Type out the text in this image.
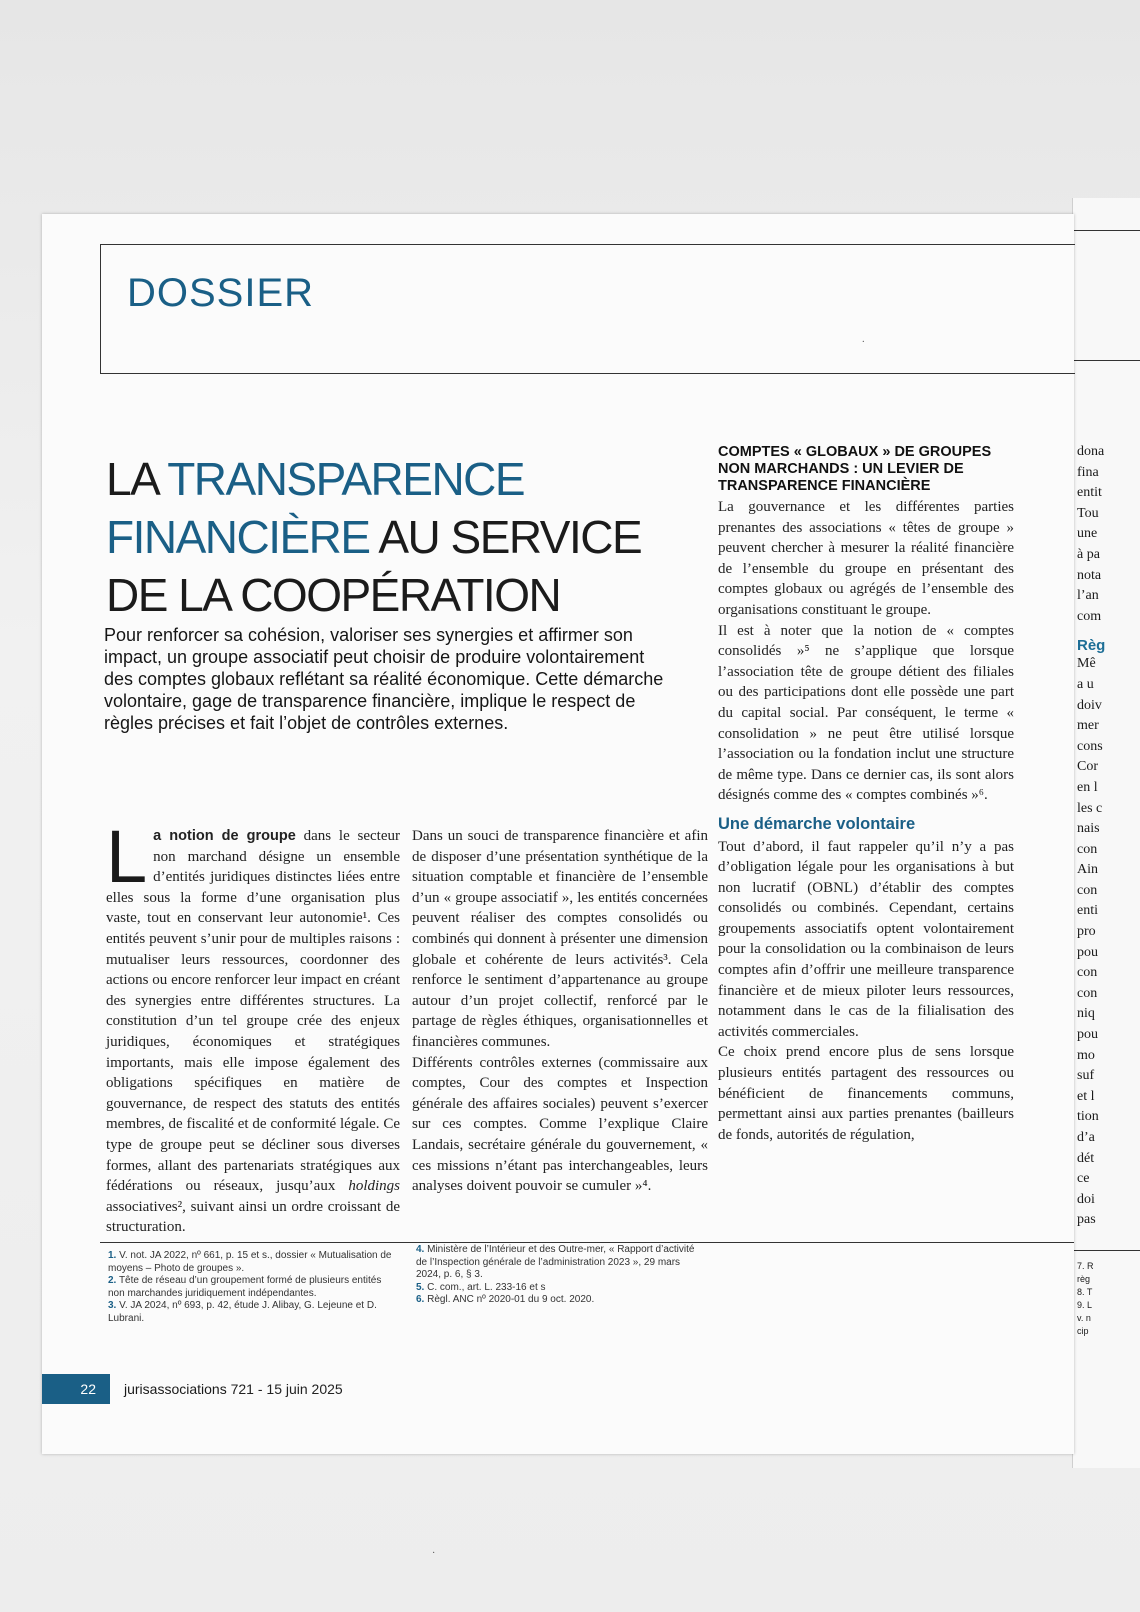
dona
fina
entit
Tou
une
à pa
nota
l’an
com
Règ
Mê
a u
doiv
mer
cons
Cor
en l
les c
nais
con
Ain
con
enti
pro
pou
con
con
niq
pou
mo
suf
et l
tion
d’a
dét
ce
doi
pas
7. R
règ
8. T
9. L
v. n
cip
DOSSIER
·
LA TRANSPARENCE
FINANCIÈRE AU SERVICE
DE LA COOPÉRATION
Pour renforcer sa cohésion, valoriser ses synergies et affirmer son impact, un groupe associatif peut choisir de produire volontairement des comptes globaux reflétant sa réalité économique. Cette démarche volontaire, gage de transparence financière, implique le respect de règles précises et fait l’objet de contrôles externes.

L a notion de groupe dans le secteur non marchand désigne un ensemble d’entités juridiques distinctes liées entre elles sous la forme d’une organisation plus vaste, tout en conservant leur autonomie¹. Ces entités peuvent s’unir pour de multiples raisons : mutualiser leurs ressources, coordonner des actions ou encore renforcer leur impact en créant des synergies entre différentes structures. La constitution d’un tel groupe crée des enjeux juridiques, économiques et stratégiques importants, mais elle impose également des obligations spécifiques en matière de gouvernance, de respect des statuts des entités membres, de fiscalité et de conformité légale. Ce type de groupe peut se décliner sous diverses formes, allant des partenariats stratégiques aux fédérations ou réseaux, jusqu’aux holdings associatives², suivant ainsi un ordre croissant de structuration.

Dans un souci de transparence financière et afin de disposer d’une présentation synthétique de la situation comptable et financière de l’ensemble d’un « groupe associatif », les entités concernées peuvent réaliser des comptes consolidés ou combinés qui donnent à présenter une dimension globale et cohérente de leurs activités³. Cela renforce le sentiment d’appartenance au groupe autour d’un projet collectif, renforcé par le partage de règles éthiques, organisationnelles et financières communes.

Différents contrôles externes (commissaire aux comptes, Cour des comptes et Inspection générale des affaires sociales) peuvent s’exercer sur ces comptes. Comme l’explique Claire Landais, secrétaire générale du gouvernement, « ces missions n’étant pas interchangeables, leurs analyses doivent pouvoir se cumuler »⁴.

COMPTES « GLOBAUX » DE GROUPES NON MARCHANDS : UN LEVIER DE TRANSPARENCE FINANCIÈRE

La gouvernance et les différentes parties prenantes des associations « têtes de groupe » peuvent chercher à mesurer la réalité financière de l’ensemble du groupe en présentant des comptes globaux ou agrégés de l’ensemble des organisations constituant le groupe.

Il est à noter que la notion de « comptes consolidés »⁵ ne s’applique que lorsque l’association tête de groupe détient des filiales ou des participations dont elle possède une part du capital social. Par conséquent, le terme « consolidation » ne peut être utilisé lorsque l’association ou la fondation inclut une structure de même type. Dans ce dernier cas, ils sont alors désignés comme des « comptes combinés »⁶.

Une démarche volontaire

Tout d’abord, il faut rappeler qu’il n’y a pas d’obligation légale pour les organisations à but non lucratif (OBNL) d’établir des comptes consolidés ou combinés. Cependant, certains groupements associatifs optent volontairement pour la consolidation ou la combinaison de leurs comptes afin d’offrir une meilleure transparence financière et de mieux piloter leurs ressources, notamment dans le cas de la filialisation des activités commerciales.

Ce choix prend encore plus de sens lorsque plusieurs entités partagent des ressources ou bénéficient de financements communs, permettant ainsi aux parties prenantes (bailleurs de fonds, autorités de régulation,

1. V. not. JA 2022, nº 661, p. 15 et s., dossier « Mutualisation de moyens – Photo de groupes ».

2. Tête de réseau d’un groupement formé de plusieurs entités non marchandes juridiquement indépendantes.

3. V. JA 2024, nº 693, p. 42, étude J. Alibay, G. Lejeune et D. Lubrani.

4. Ministère de l’Intérieur et des Outre-mer, « Rapport d’activité de l’Inspection générale de l’administration 2023 », 29 mars 2024, p. 6, § 3.

5. C. com., art. L. 233-16 et s

6. Règl. ANC nº 2020-01 du 9 oct. 2020.

22	jurisassociations 721 - 15 juin 2025
·
